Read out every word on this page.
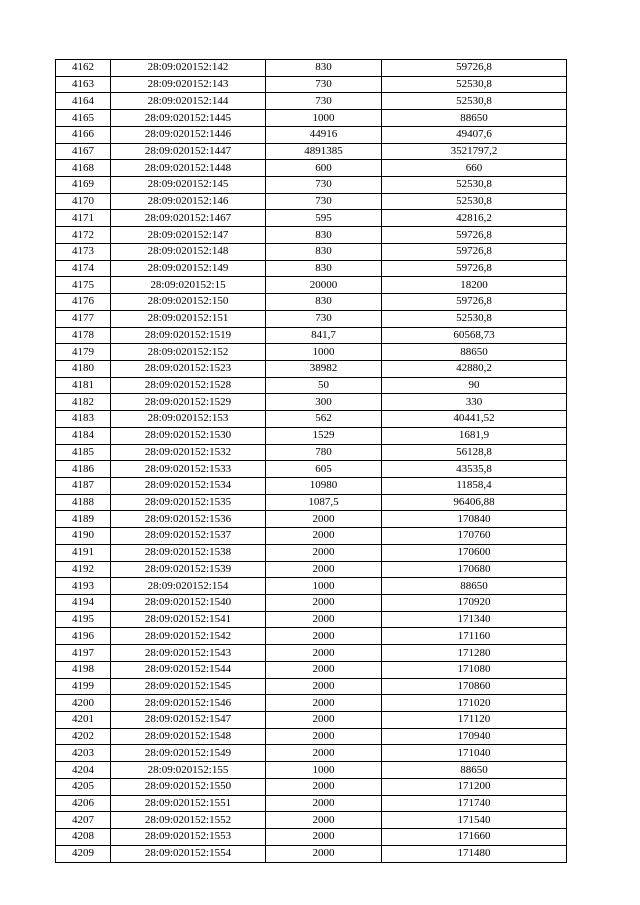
4162	28:09:020152:142	830	59726,8
4163	28:09:020152:143	730	52530,8
4164	28:09:020152:144	730	52530,8
4165	28:09:020152:1445	1000	88650
4166	28:09:020152:1446	44916	49407,6
4167	28:09:020152:1447	4891385	3521797,2
4168	28:09:020152:1448	600	660
4169	28:09:020152:145	730	52530,8
4170	28:09:020152:146	730	52530,8
4171	28:09:020152:1467	595	42816,2
4172	28:09:020152:147	830	59726,8
4173	28:09:020152:148	830	59726,8
4174	28:09:020152:149	830	59726,8
4175	28:09:020152:15	20000	18200
4176	28:09:020152:150	830	59726,8
4177	28:09:020152:151	730	52530,8
4178	28:09:020152:1519	841,7	60568,73
4179	28:09:020152:152	1000	88650
4180	28:09:020152:1523	38982	42880,2
4181	28:09:020152:1528	50	90
4182	28:09:020152:1529	300	330
4183	28:09:020152:153	562	40441,52
4184	28:09:020152:1530	1529	1681,9
4185	28:09:020152:1532	780	56128,8
4186	28:09:020152:1533	605	43535,8
4187	28:09:020152:1534	10980	11858,4
4188	28:09:020152:1535	1087,5	96406,88
4189	28:09:020152:1536	2000	170840
4190	28:09:020152:1537	2000	170760
4191	28:09:020152:1538	2000	170600
4192	28:09:020152:1539	2000	170680
4193	28:09:020152:154	1000	88650
4194	28:09:020152:1540	2000	170920
4195	28:09:020152:1541	2000	171340
4196	28:09:020152:1542	2000	171160
4197	28:09:020152:1543	2000	171280
4198	28:09:020152:1544	2000	171080
4199	28:09:020152:1545	2000	170860
4200	28:09:020152:1546	2000	171020
4201	28:09:020152:1547	2000	171120
4202	28:09:020152:1548	2000	170940
4203	28:09:020152:1549	2000	171040
4204	28:09:020152:155	1000	88650
4205	28:09:020152:1550	2000	171200
4206	28:09:020152:1551	2000	171740
4207	28:09:020152:1552	2000	171540
4208	28:09:020152:1553	2000	171660
4209	28:09:020152:1554	2000	171480
